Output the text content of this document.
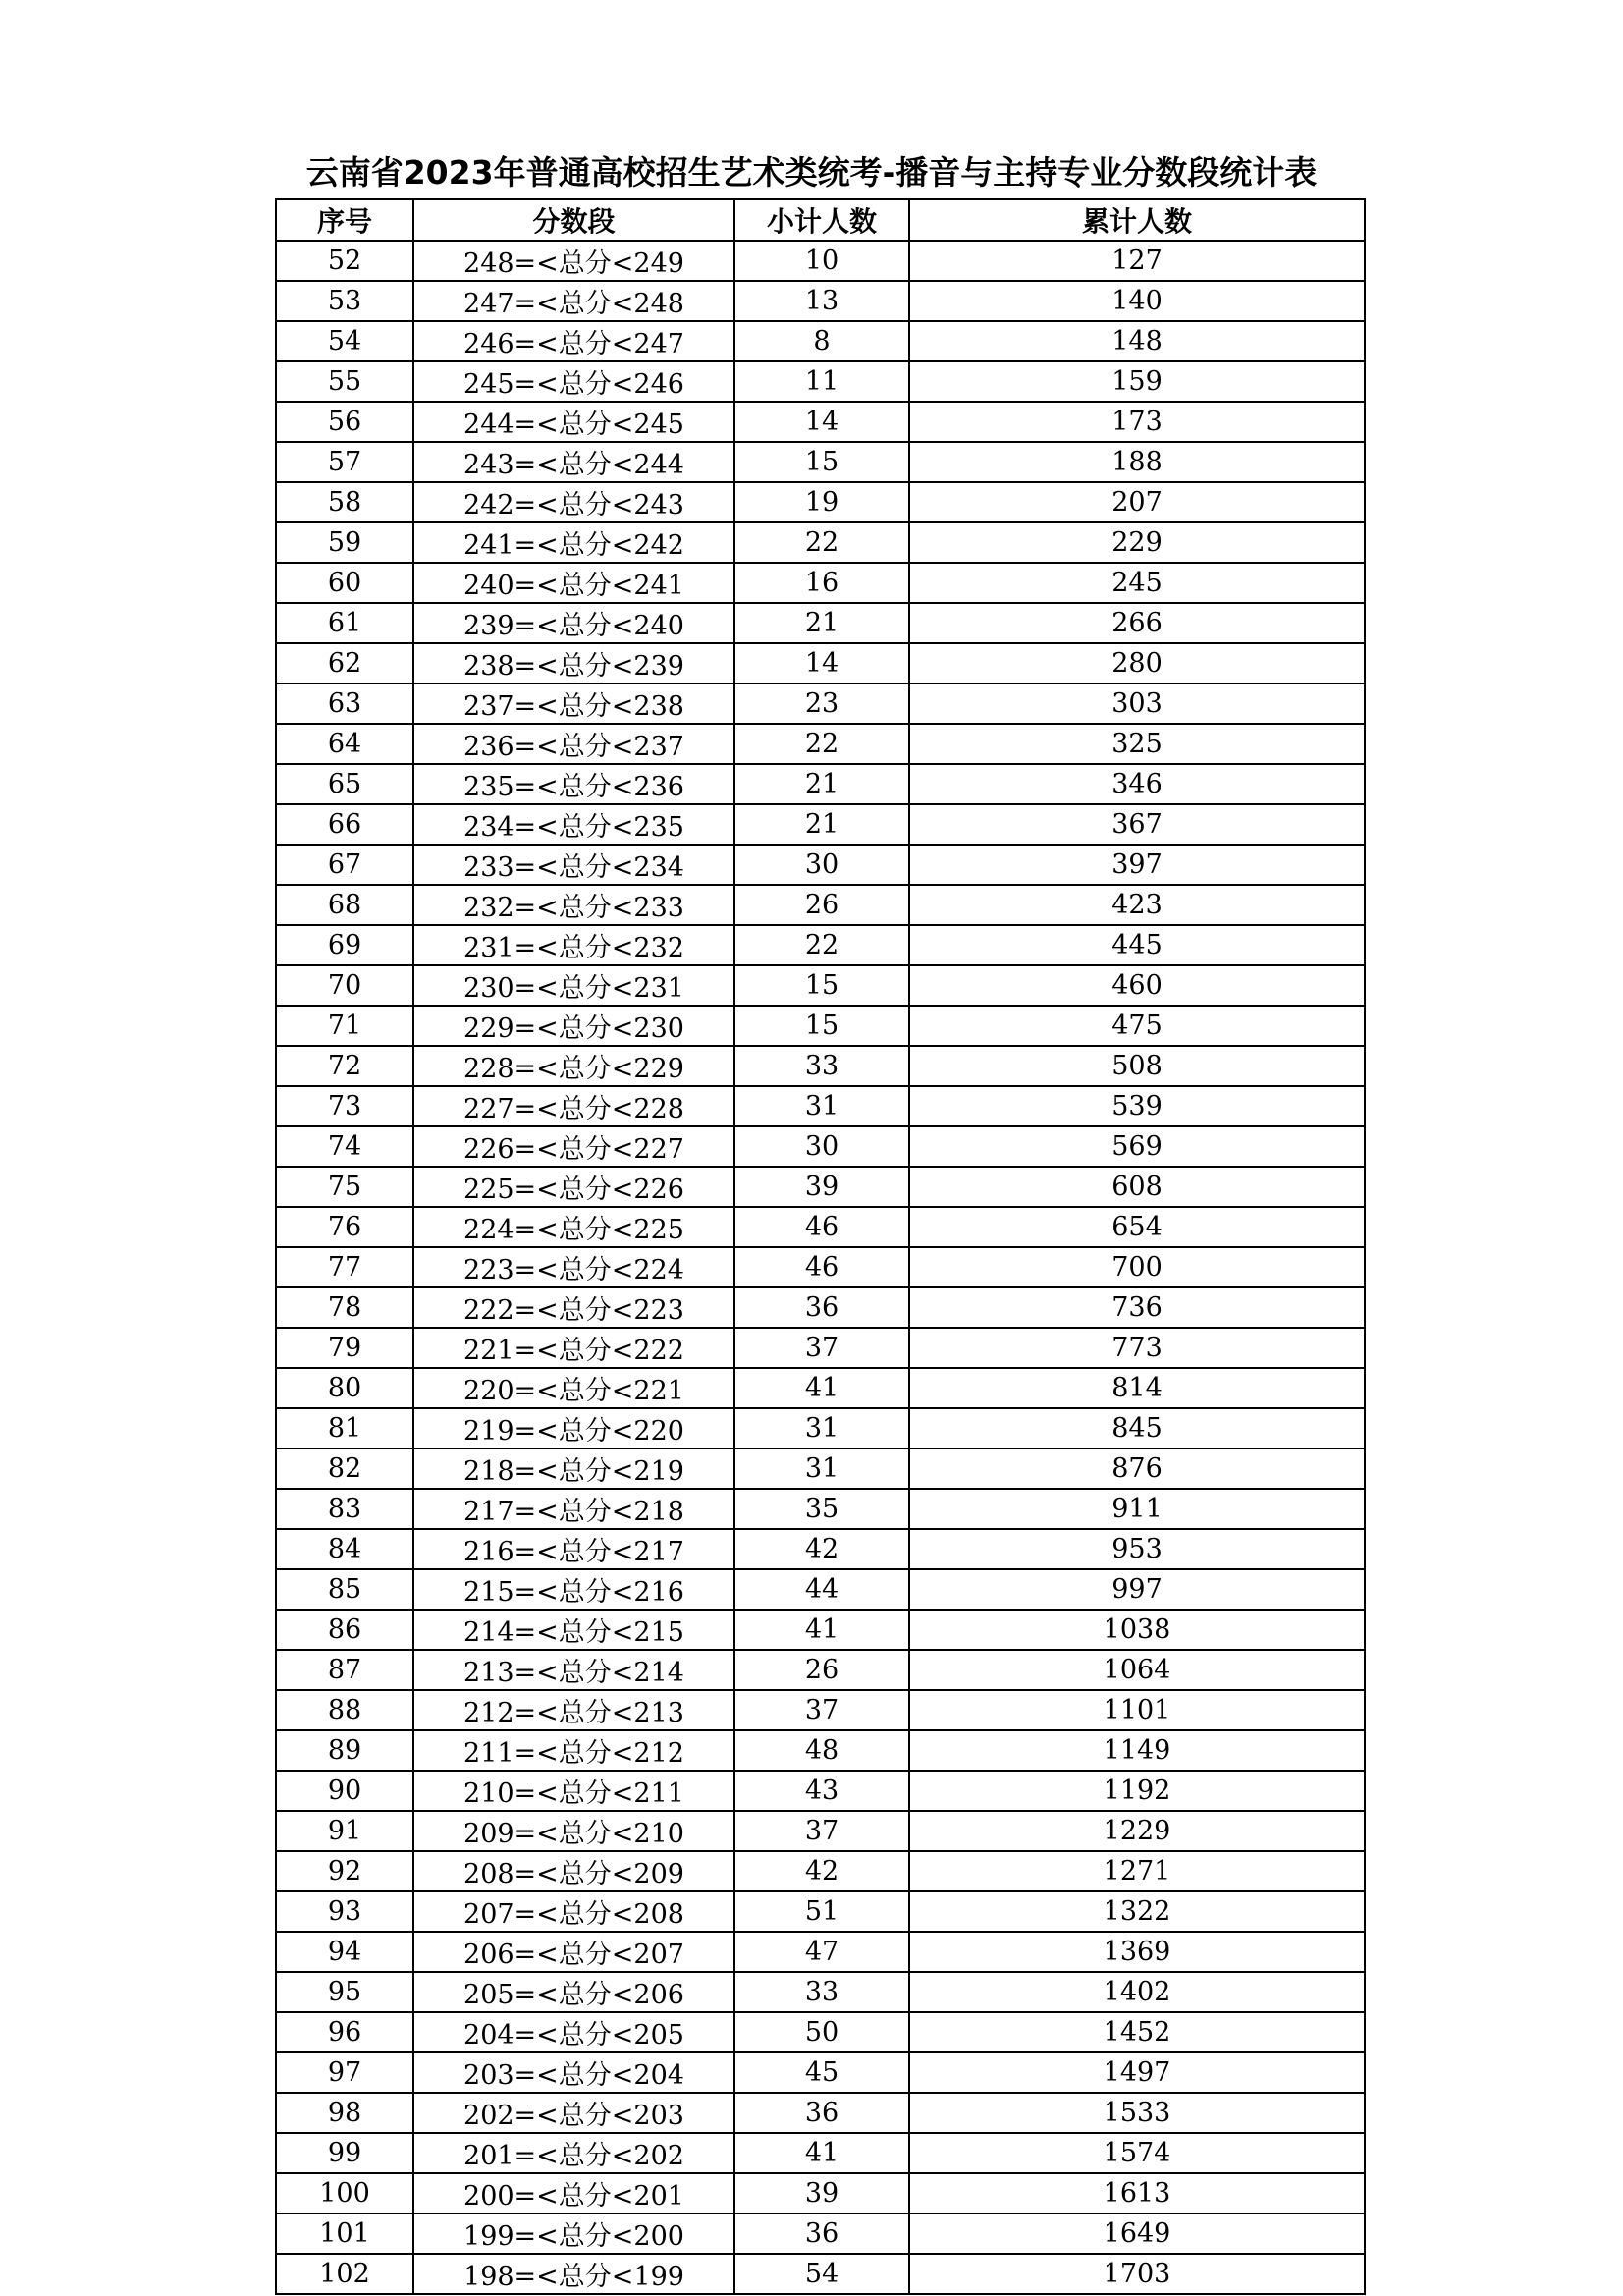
云南省2023年普通高校招生艺术类统考-播音与主持专业分数段统计表
序号	分数段	小计人数	累计人数
52	248=<总分<249	10	127
53	247=<总分<248	13	140
54	246=<总分<247	8	148
55	245=<总分<246	11	159
56	244=<总分<245	14	173
57	243=<总分<244	15	188
58	242=<总分<243	19	207
59	241=<总分<242	22	229
60	240=<总分<241	16	245
61	239=<总分<240	21	266
62	238=<总分<239	14	280
63	237=<总分<238	23	303
64	236=<总分<237	22	325
65	235=<总分<236	21	346
66	234=<总分<235	21	367
67	233=<总分<234	30	397
68	232=<总分<233	26	423
69	231=<总分<232	22	445
70	230=<总分<231	15	460
71	229=<总分<230	15	475
72	228=<总分<229	33	508
73	227=<总分<228	31	539
74	226=<总分<227	30	569
75	225=<总分<226	39	608
76	224=<总分<225	46	654
77	223=<总分<224	46	700
78	222=<总分<223	36	736
79	221=<总分<222	37	773
80	220=<总分<221	41	814
81	219=<总分<220	31	845
82	218=<总分<219	31	876
83	217=<总分<218	35	911
84	216=<总分<217	42	953
85	215=<总分<216	44	997
86	214=<总分<215	41	1038
87	213=<总分<214	26	1064
88	212=<总分<213	37	1101
89	211=<总分<212	48	1149
90	210=<总分<211	43	1192
91	209=<总分<210	37	1229
92	208=<总分<209	42	1271
93	207=<总分<208	51	1322
94	206=<总分<207	47	1369
95	205=<总分<206	33	1402
96	204=<总分<205	50	1452
97	203=<总分<204	45	1497
98	202=<总分<203	36	1533
99	201=<总分<202	41	1574
100	200=<总分<201	39	1613
101	199=<总分<200	36	1649
102	198=<总分<199	54	1703
